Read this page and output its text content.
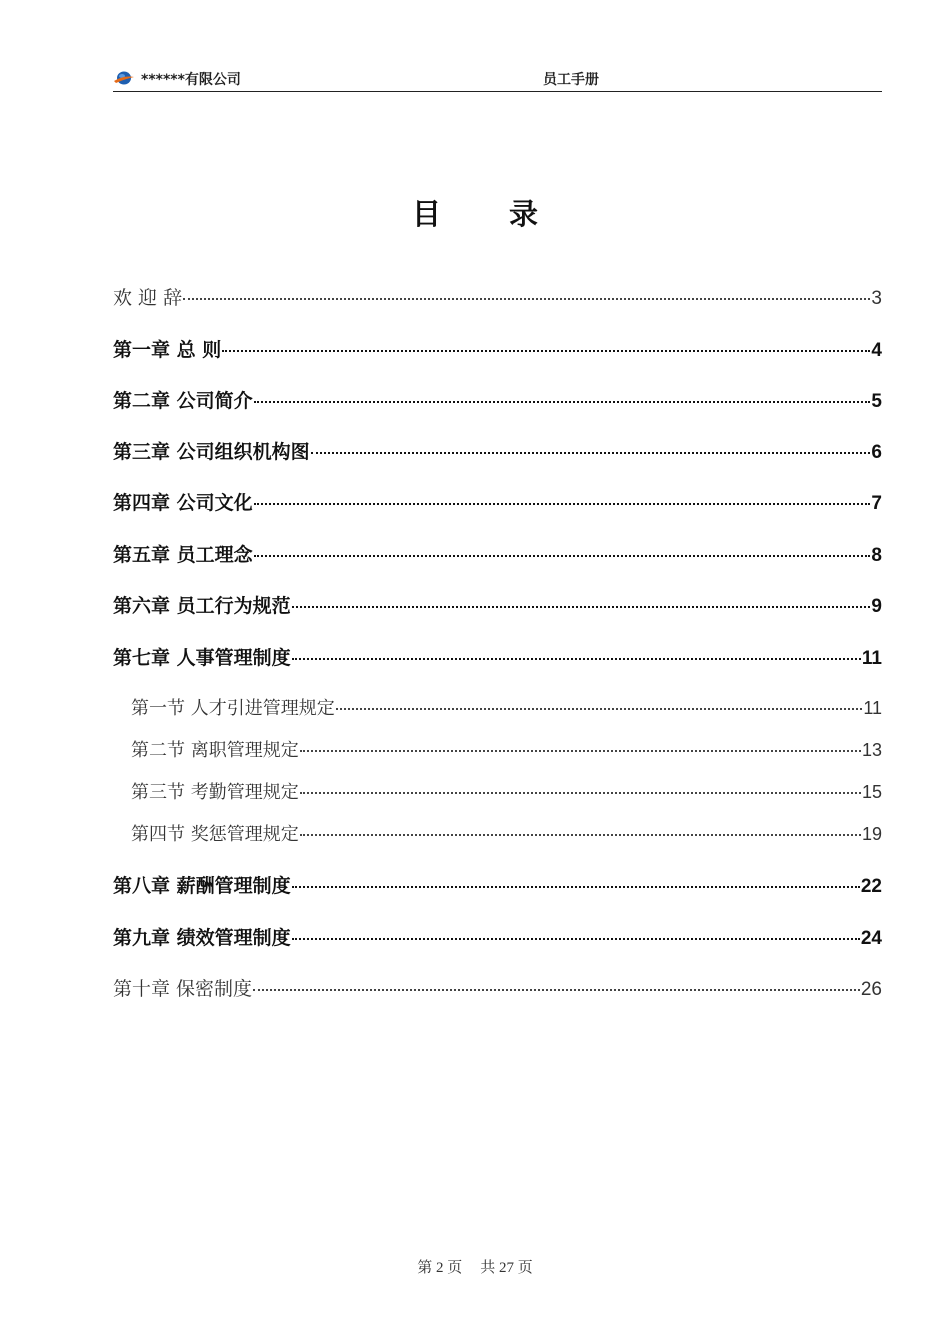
******有限公司	员工手册
目录
欢 迎 辞	3
第一章 总 则	4
第二章 公司简介	5
第三章 公司组织机构图	6
第四章 公司文化	7
第五章 员工理念	8
第六章 员工行为规范	9
第七章 人事管理制度	11
第一节 人才引进管理规定	11
第二节 离职管理规定	13
第三节 考勤管理规定	15
第四节 奖惩管理规定	19
第八章 薪酬管理制度	22
第九章 绩效管理制度	24
第十章 保密制度	26
第 2 页 共 27 页
